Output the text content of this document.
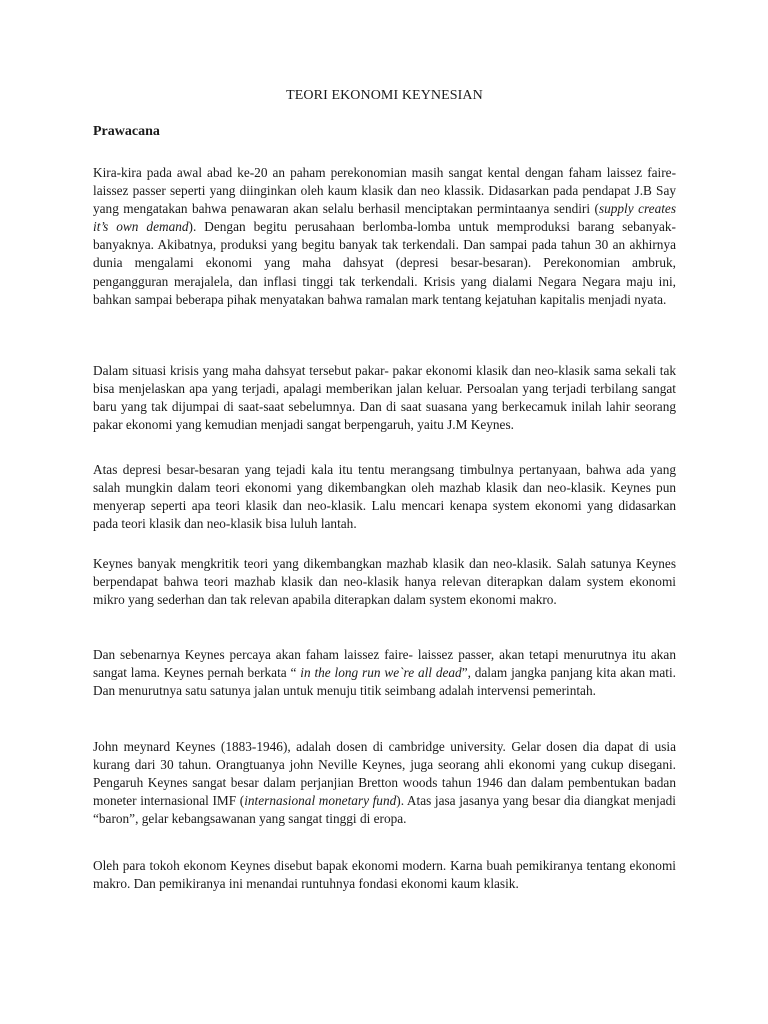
TEORI EKONOMI KEYNESIAN
Prawacana

Kira-kira pada awal abad ke-20 an paham perekonomian masih sangat kental dengan faham laissez faire- laissez passer seperti yang diinginkan oleh kaum klasik dan neo klassik. Didasarkan pada pendapat J.B Say yang mengatakan bahwa penawaran akan selalu berhasil menciptakan permintaanya sendiri (supply creates it’s own demand). Dengan begitu perusahaan berlomba-lomba untuk memproduksi barang sebanyak- banyaknya. Akibatnya, produksi yang begitu banyak tak terkendali. Dan sampai pada tahun 30 an akhirnya dunia mengalami ekonomi yang maha dahsyat (depresi besar-besaran). Perekonomian ambruk, pengangguran merajalela, dan inflasi tinggi tak terkendali. Krisis yang dialami Negara Negara maju ini, bahkan sampai beberapa pihak menyatakan bahwa ramalan mark tentang kejatuhan kapitalis menjadi nyata.

Dalam situasi krisis yang maha dahsyat tersebut pakar- pakar ekonomi klasik dan neo-klasik sama sekali tak bisa menjelaskan apa yang terjadi, apalagi memberikan jalan keluar. Persoalan yang terjadi terbilang sangat baru yang tak dijumpai di saat-saat sebelumnya. Dan di saat suasana yang berkecamuk inilah lahir seorang pakar ekonomi yang kemudian menjadi sangat berpengaruh, yaitu J.M Keynes.

Atas depresi besar-besaran yang tejadi kala itu tentu merangsang timbulnya pertanyaan, bahwa ada yang salah mungkin dalam teori ekonomi yang dikembangkan oleh mazhab klasik dan neo-klasik. Keynes pun menyerap seperti apa teori klasik dan neo-klasik. Lalu mencari kenapa system ekonomi yang didasarkan pada teori klasik dan neo-klasik bisa luluh lantah.

Keynes banyak mengkritik teori yang dikembangkan mazhab klasik dan neo-klasik. Salah satunya Keynes berpendapat bahwa teori mazhab klasik dan neo-klasik hanya relevan diterapkan dalam system ekonomi mikro yang sederhan dan tak relevan apabila diterapkan dalam system ekonomi makro.

Dan sebenarnya Keynes percaya akan faham laissez faire- laissez passer, akan tetapi menurutnya itu akan sangat lama. Keynes pernah berkata “ in the long run we`re all dead”, dalam jangka panjang kita akan mati. Dan menurutnya satu satunya jalan untuk menuju titik seimbang adalah intervensi pemerintah.

John meynard Keynes (1883-1946), adalah dosen di cambridge university. Gelar dosen dia dapat di usia kurang dari 30 tahun. Orangtuanya john Neville Keynes, juga seorang ahli ekonomi yang cukup disegani. Pengaruh Keynes sangat besar dalam perjanjian Bretton woods tahun 1946 dan dalam pembentukan badan moneter internasional IMF (internasional monetary fund). Atas jasa jasanya yang besar dia diangkat menjadi “baron”, gelar kebangsawanan yang sangat tinggi di eropa.

Oleh para tokoh ekonom Keynes disebut bapak ekonomi modern. Karna buah pemikiranya tentang ekonomi makro. Dan pemikiranya ini menandai runtuhnya fondasi ekonomi kaum klasik.
